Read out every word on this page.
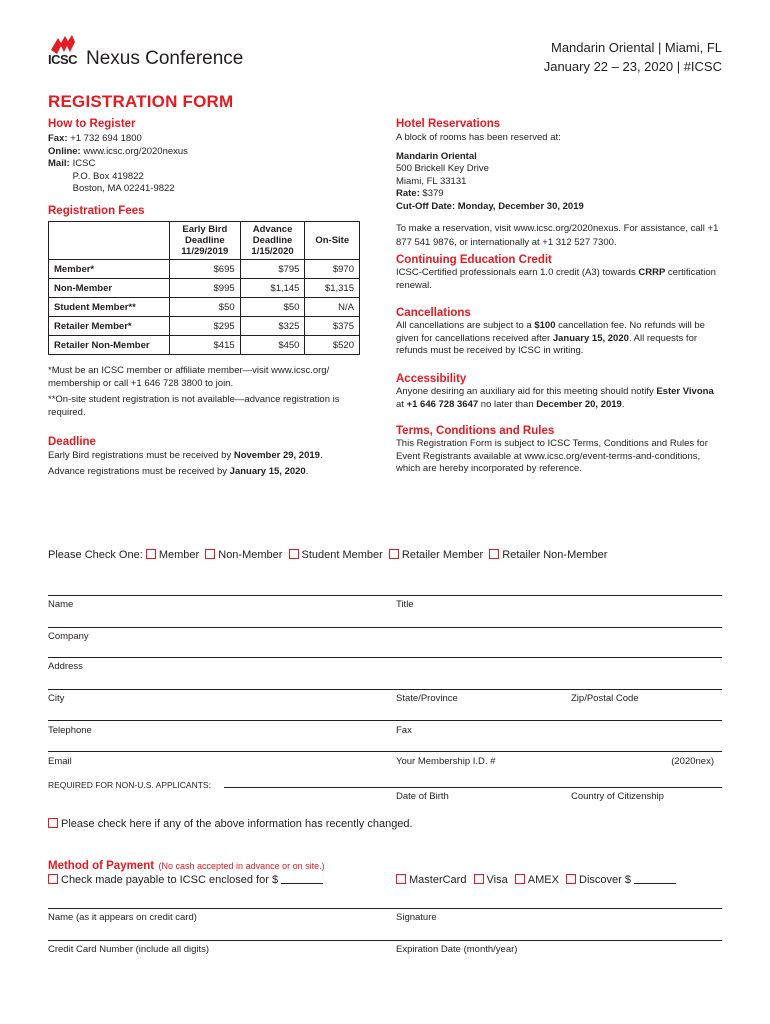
ICSC Nexus Conference
Mandarin Oriental | Miami, FL
January 22 – 23, 2020 | #ICSC
REGISTRATION FORM
How to Register
Fax: +1 732 694 1800
Online: www.icsc.org/2020nexus
Mail: ICSC
P.O. Box 419822
Boston, MA 02241-9822
Registration Fees
	Early Bird
Deadline
11/29/2019	Advance
Deadline
1/15/2020	On-Site
Member*	$695	$795	$970
Non-Member	$995	$1,145	$1,315
Student Member**	$50	$50	N/A
Retailer Member*	$295	$325	$375
Retailer Non-Member	$415	$450	$520
*Must be an ICSC member or affiliate member—visit www.icsc.org/ membership or call +1 646 728 3800 to join.
**On-site student registration is not available—advance registration is required.
Deadline
Early Bird registrations must be received by November 29, 2019.
Advance registrations must be received by January 15, 2020.
Hotel Reservations
A block of rooms has been reserved at:
Mandarin Oriental
500 Brickell Key Drive
Miami, FL 33131
Rate: $379
Cut-Off Date: Monday, December 30, 2019
To make a reservation, visit www.icsc.org/2020nexus. For assistance, call +1 877 541 9876, or internationally at +1 312 527 7300.
Continuing Education Credit
ICSC-Certified professionals earn 1.0 credit (A3) towards CRRP certification renewal.
Cancellations
All cancellations are subject to a $100 cancellation fee. No refunds will be given for cancellations received after January 15, 2020. All requests for refunds must be received by ICSC in writing.
Accessibility
Anyone desiring an auxiliary aid for this meeting should notify Ester Vivona at +1 646 728 3647 no later than December 20, 2019.
Terms, Conditions and Rules
This Registration Form is subject to ICSC Terms, Conditions and Rules for Event Registrants available at www.icsc.org/event-terms-and-conditions, which are hereby incorporated by reference.
Please Check One: Member Non-Member Student Member Retailer Member Retailer Non-Member
Name	Title
Company
Address
City	State/Province	Zip/Postal Code
Telephone	Fax
Email	Your Membership I.D. #	(2020nex)
REQUIRED FOR NON-U.S. APPLICANTS:
Date of Birth	Country of Citizenship
Please check here if any of the above information has recently changed.
Method of Payment (No cash accepted in advance or on site.)
Check made payable to ICSC enclosed for $	MasterCard Visa AMEX Discover $
Name (as it appears on credit card)	Signature
Credit Card Number (include all digits)	Expiration Date (month/year)
